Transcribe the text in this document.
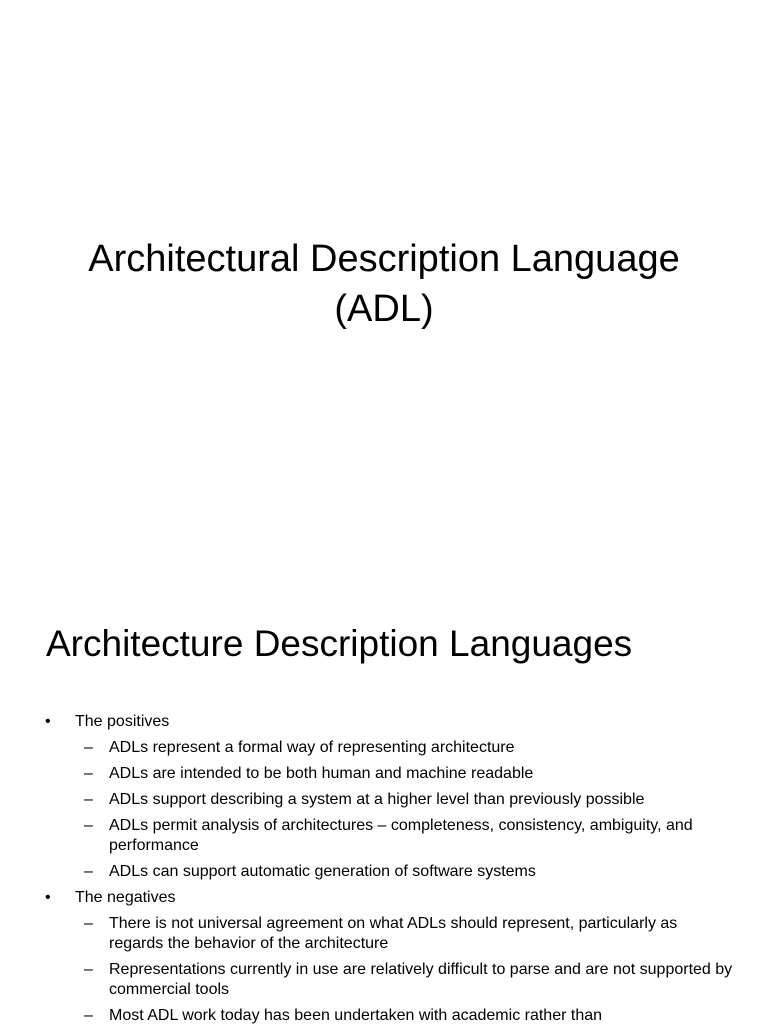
Architectural Description Language
(ADL)
Architecture Description Languages
•	The positives
– ADLs represent a formal way of representing architecture
– ADLs are intended to be both human and machine readable
– ADLs support describing a system at a higher level than previously possible
– ADLs permit analysis of architectures – completeness, consistency, ambiguity, and performance
– ADLs can support automatic generation of software systems
•	The negatives
– There is not universal agreement on what ADLs should represent, particularly as regards the behavior of the architecture
– Representations currently in use are relatively difficult to parse and are not supported by commercial tools
– Most ADL work today has been undertaken with academic rather than
